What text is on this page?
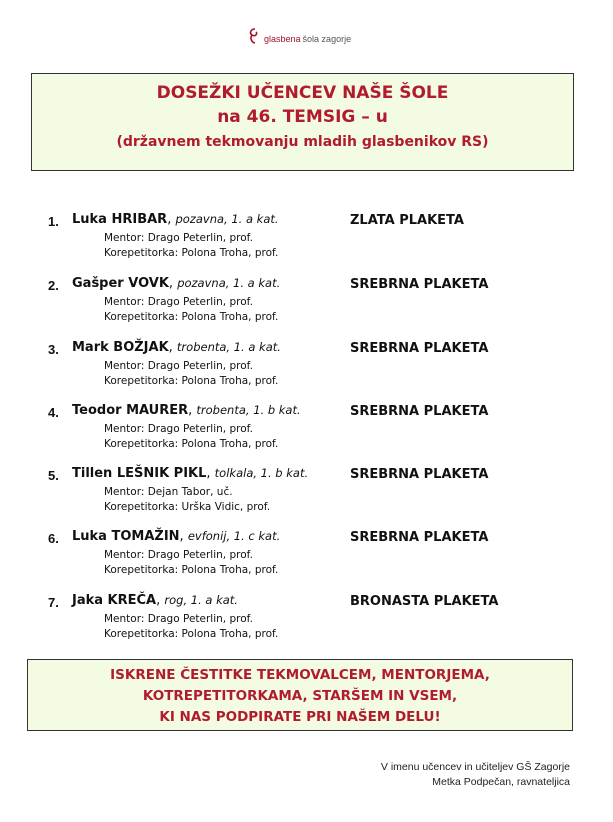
glasbena šola zagorje
DOSEŽKI UČENCEV NAŠE ŠOLE
na 46. TEMSIG – u
(državnem tekmovanju mladih glasbenikov RS)
1. Luka HRIBAR, pozavna, 1. a kat.	ZLATA PLAKETA
Mentor: Drago Peterlin, prof.
Korepetitorka: Polona Troha, prof.
2. Gašper VOVK, pozavna, 1. a kat.	SREBRNA PLAKETA
Mentor: Drago Peterlin, prof.
Korepetitorka: Polona Troha, prof.
3. Mark BOŽJAK, trobenta, 1. a kat.	SREBRNA PLAKETA
Mentor: Drago Peterlin, prof.
Korepetitorka: Polona Troha, prof.
4. Teodor MAURER, trobenta, 1. b kat.	SREBRNA PLAKETA
Mentor: Drago Peterlin, prof.
Korepetitorka: Polona Troha, prof.
5. Tillen LEŠNIK PIKL, tolkala, 1. b kat.	SREBRNA PLAKETA
Mentor: Dejan Tabor, uč.
Korepetitorka: Urška Vidic, prof.
6. Luka TOMAŽIN, evfonij, 1. c kat.	SREBRNA PLAKETA
Mentor: Drago Peterlin, prof.
Korepetitorka: Polona Troha, prof.
7. Jaka KREČA, rog, 1. a kat.	BRONASTA PLAKETA
Mentor: Drago Peterlin, prof.
Korepetitorka: Polona Troha, prof.
ISKRENE ČESTITKE TEKMOVALCEM, MENTORJEMA,
KOTREPETITORKAMA, STARŠEM IN VSEM,
KI NAS PODPIRATE PRI NAŠEM DELU!
V imenu učencev in učiteljev GŠ Zagorje
Metka Podpečan, ravnateljica
